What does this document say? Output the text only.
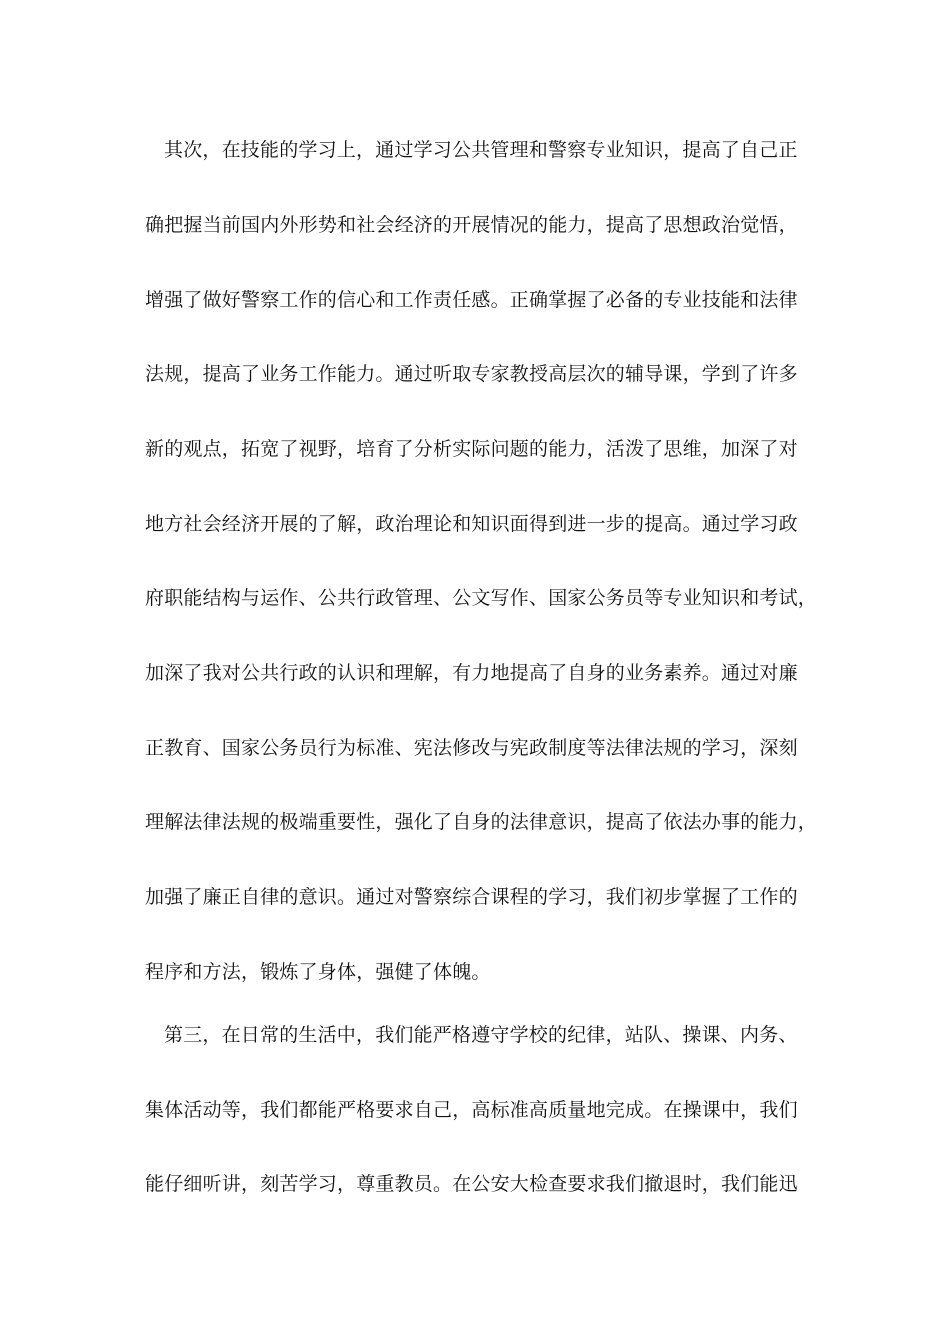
其次，在技能的学习上，通过学习公共管理和警察专业知识，提高了自己正
确把握当前国内外形势和社会经济的开展情况的能力，提高了思想政治觉悟，
增强了做好警察工作的信心和工作责任感。正确掌握了必备的专业技能和法律
法规，提高了业务工作能力。通过听取专家教授高层次的辅导课，学到了许多
新的观点，拓宽了视野，培育了分析实际问题的能力，活泼了思维，加深了对
地方社会经济开展的了解，政治理论和知识面得到进一步的提高。通过学习政
府职能结构与运作、公共行政管理、公文写作、国家公务员等专业知识和考试，
加深了我对公共行政的认识和理解，有力地提高了自身的业务素养。通过对廉
正教育、国家公务员行为标准、宪法修改与宪政制度等法律法规的学习，深刻
理解法律法规的极端重要性，强化了自身的法律意识，提高了依法办事的能力，
加强了廉正自律的意识。通过对警察综合课程的学习，我们初步掌握了工作的
程序和方法，锻炼了身体，强健了体魄。
第三，在日常的生活中，我们能严格遵守学校的纪律，站队、操课、内务、
集体活动等，我们都能严格要求自己，高标准高质量地完成。在操课中，我们
能仔细听讲，刻苦学习，尊重教员。在公安大检查要求我们撤退时，我们能迅
